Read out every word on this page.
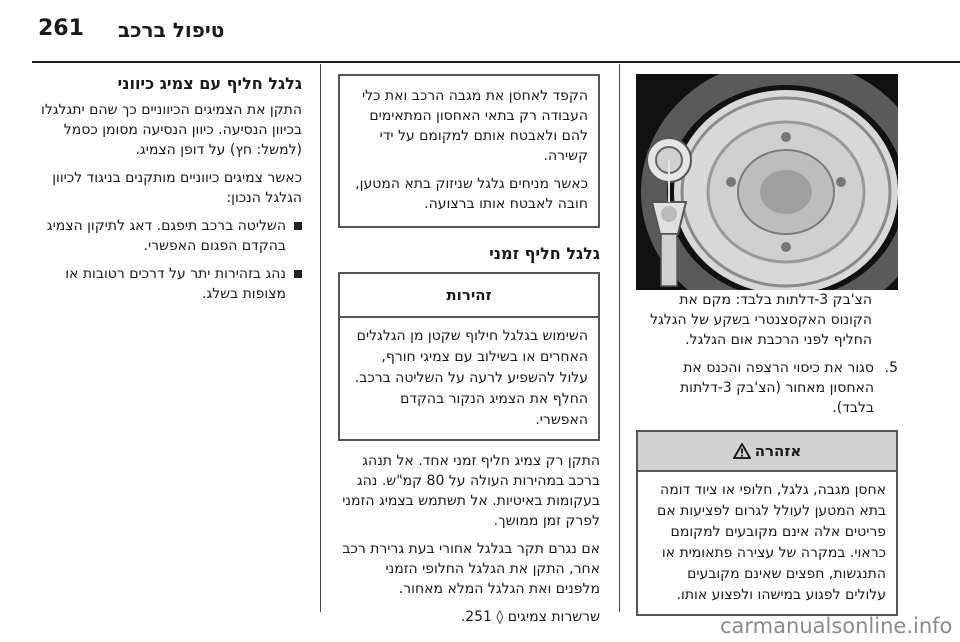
261 טיפול ברכב

הצ'בק 3-דלתות בלבד: מקם את הקונוס האקסצנטרי בשקע של הגלגל החליף לפני הרכבת אום הגלגל.

5.
סגור את כיסוי הרצפה והכנס את האחסון מאחור (הצ'בק 3-דלתות בלבד).
אזהרה
אחסן מגבה, גלגל, חלופי או ציוד דומה בתא המטען לעולל לגרום לפציעות אם פריטים אלה אינם מקובעים למקומם כראוי. במקרה של עצירה פתאומית או התנגשות, חפצים שאינם מקובעים עלולים לפגוע במישהו ולפצוע אותו.

הקפד לאחסן את מגבה הרכב ואת כלי העבודה רק בתאי האחסון המתאימים להם ולאבטח אותם למקומם על ידי קשירה.

כאשר מניחים גלגל שניזוק בתא המטען, חובה לאבטח אותו ברצועה.

גלגל חליף זמני
זהירות
השימוש בגלגל חילוף שקטן מן הגלגלים האחרים או בשילוב עם צמיגי חורף, עלול להשפיע לרעה על השליטה ברכב. החלף את הצמיג הנקור בהקדם האפשרי.

התקן רק צמיג חליף זמני אחד. אל תנהג ברכב במהירות העולה על 80 קמ"ש. נהג בעקומות באיטיות. אל תשתמש בצמיג הזמני לפרק זמן ממושך.

אם נגרם תקר בגלגל אחורי בעת גרירת רכב אחר, התקן את הגלגל החלופי הזמני מלפנים ואת הגלגל המלא מאחור.

שרשרות צמיגים ◊ 251.

גלגל חליף עם צמיג כיווני

התקן את הצמיגים הכיווניים כך שהם יתגלגלו בכיוון הנסיעה. כיוון הנסיעה מסומן כסמל (למשל: חץ) על דופן הצמיג.

כאשר צמיגים כיווניים מותקנים בניגוד לכיוון הגלגל הנכון:

השליטה ברכב תיפגם. דאג לתיקון הצמיג בהקדם הפגום האפשרי.
נהג בזהירות יתר על דרכים רטובות או מצופות בשלג.
carmanualsonline.info
